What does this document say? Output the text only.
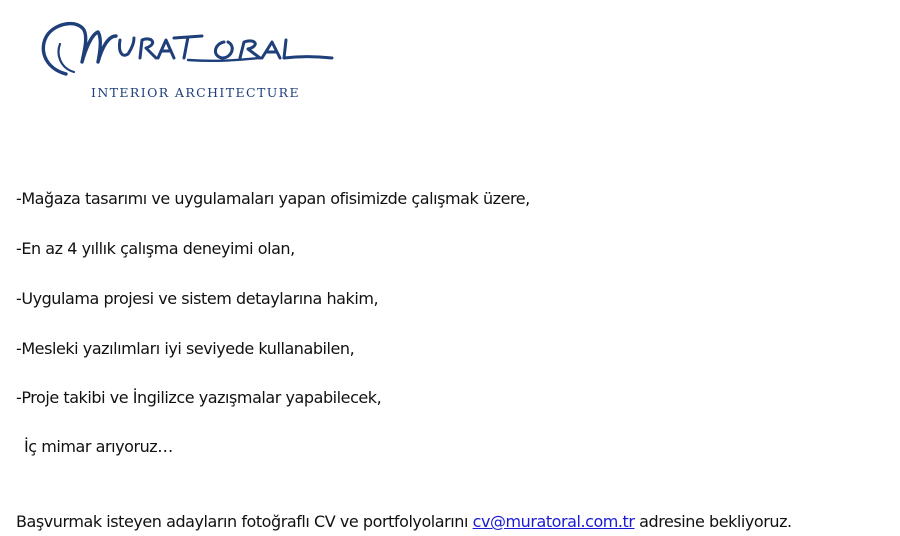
INTERIOR ARCHITECTURE
-Mağaza tasarımı ve uygulamaları yapan ofisimizde çalışmak üzere,
-En az 4 yıllık çalışma deneyimi olan,
-Uygulama projesi ve sistem detaylarına hakim,
-Mesleki yazılımları iyi seviyede kullanabilen,
-Proje takibi ve İngilizce yazışmalar yapabilecek,
İç mimar arıyoruz…
Başvurmak isteyen adayların fotoğraflı CV ve portfolyolarını cv@muratoral.com.tr adresine bekliyoruz.
